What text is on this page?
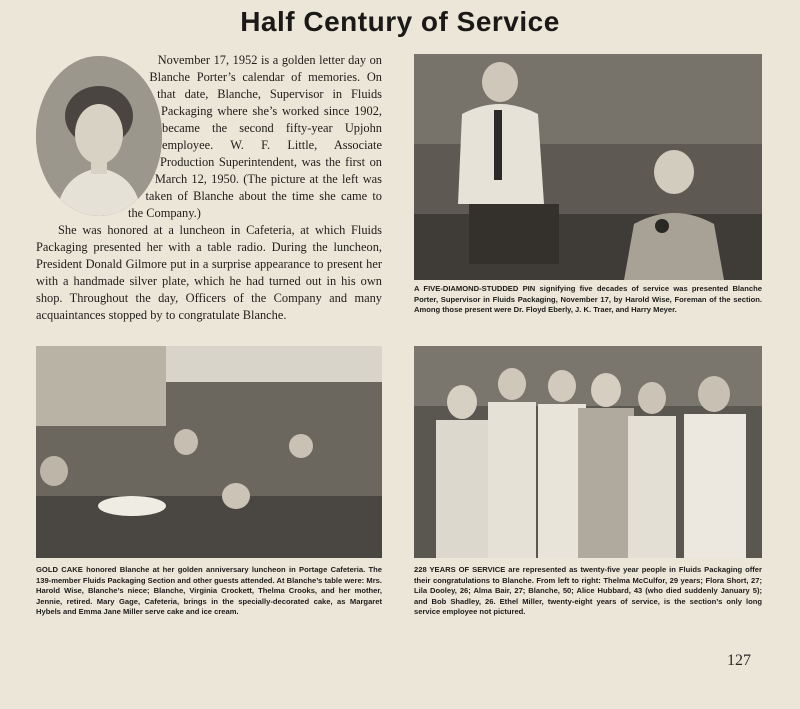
Half Century of Service

November 17, 1952 is a golden letter day on Blanche Porter’s calendar of memories. On that date, Blanche, Supervisor in Fluids Packaging where she’s worked since 1902, became the second fifty-year Upjohn employee. W. F. Little, Associate Production Superintendent, was the first on March 12, 1950. (The picture at the left was taken of Blanche about the time she came to the Company.)

She was honored at a luncheon in Cafeteria, at which Fluids Packaging presented her with a table radio. During the luncheon, President Donald Gilmore put in a surprise appearance to present her with a handmade silver plate, which he had turned out in his own shop. Throughout the day, Officers of the Company and many acquaintances stopped by to congratulate Blanche.

A FIVE-DIAMOND-STUDDED PIN signifying five decades of service was presented Blanche Porter, Supervisor in Fluids Packaging, November 17, by Harold Wise, Foreman of the section. Among those present were Dr. Floyd Eberly, J. K. Traer, and Harry Meyer.
GOLD CAKE honored Blanche at her golden anniversary luncheon in Portage Cafeteria. The 139-member Fluids Packaging Section and other guests attended. At Blanche’s table were: Mrs. Harold Wise, Blanche’s niece; Blanche, Virginia Crockett, Thelma Crooks, and her mother, Jennie, retired. Mary Gage, Cafeteria, brings in the specially-decorated cake, as Margaret Hybels and Emma Jane Miller serve cake and ice cream.
228 YEARS OF SERVICE are represented as twenty-five year people in Fluids Packaging offer their congratulations to Blanche. From left to right: Thelma McCulfor, 29 years; Flora Short, 27; Lila Dooley, 26; Alma Bair, 27; Blanche, 50; Alice Hubbard, 43 (who died suddenly January 5); and Bob Shadley, 26. Ethel Miller, twenty-eight years of service, is the section’s only long service employee not pictured.
127
